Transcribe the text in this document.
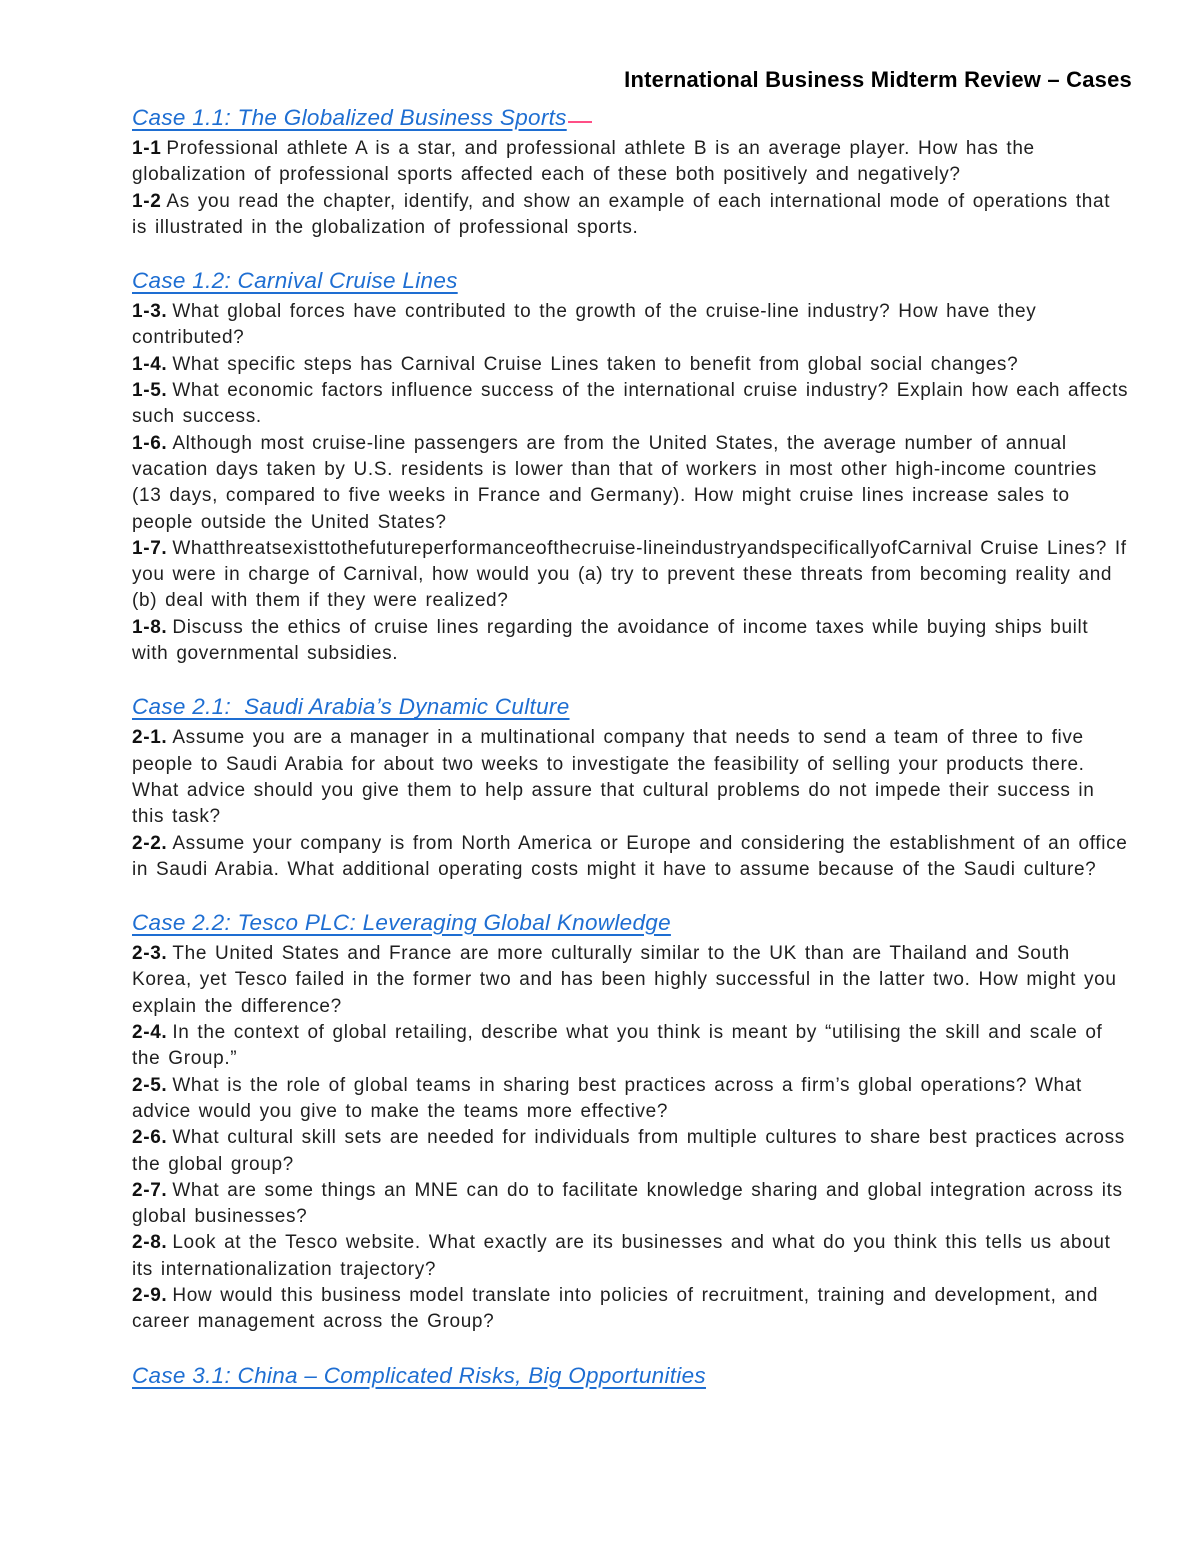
International Business Midterm Review – Cases
Case 1.1: The Globalized Business Sports

1-1 Professional athlete A is a star, and professional athlete B is an average player. How has the globalization of professional sports affected each of these both positively and negatively?

1-2 As you read the chapter, identify, and show an example of each international mode of operations that is illustrated in the globalization of professional sports.

Case 1.2: Carnival Cruise Lines

1-3. What global forces have contributed to the growth of the cruise-line industry? How have they contributed?

1-4. What specific steps has Carnival Cruise Lines taken to benefit from global social changes?

1-5. What economic factors influence success of the international cruise industry? Explain how each affects such success.

1-6. Although most cruise-line passengers are from the United States, the average number of annual vacation days taken by U.S. residents is lower than that of workers in most other high-income countries (13 days, compared to five weeks in France and Germany). How might cruise lines increase sales to people outside the United States?

1-7. Whatthreatsexisttothefutureperformanceofthecruise-lineindustryandspecificallyofCarnival Cruise Lines? If you were in charge of Carnival, how would you (a) try to prevent these threats from becoming reality and (b) deal with them if they were realized?

1-8. Discuss the ethics of cruise lines regarding the avoidance of income taxes while buying ships built with governmental subsidies.

Case 2.1:  Saudi Arabia’s Dynamic Culture

2-1. Assume you are a manager in a multinational company that needs to send a team of three to five people to Saudi Arabia for about two weeks to investigate the feasibility of selling your products there. What advice should you give them to help assure that cultural problems do not impede their success in this task?

2-2. Assume your company is from North America or Europe and considering the establishment of an office in Saudi Arabia. What additional operating costs might it have to assume because of the Saudi culture?

Case 2.2: Tesco PLC: Leveraging Global Knowledge

2-3. The United States and France are more culturally similar to the UK than are Thailand and South Korea, yet Tesco failed in the former two and has been highly successful in the latter two. How might you explain the difference?

2-4. In the context of global retailing, describe what you think is meant by “utilising the skill and scale of the Group.”

2-5. What is the role of global teams in sharing best practices across a firm’s global operations? What advice would you give to make the teams more effective?

2-6. What cultural skill sets are needed for individuals from multiple cultures to share best practices across the global group?

2-7. What are some things an MNE can do to facilitate knowledge sharing and global integration across its global businesses?

2-8. Look at the Tesco website. What exactly are its businesses and what do you think this tells us about its internationalization trajectory?

2-9. How would this business model translate into policies of recruitment, training and development, and career management across the Group?

Case 3.1: China – Complicated Risks, Big Opportunities
